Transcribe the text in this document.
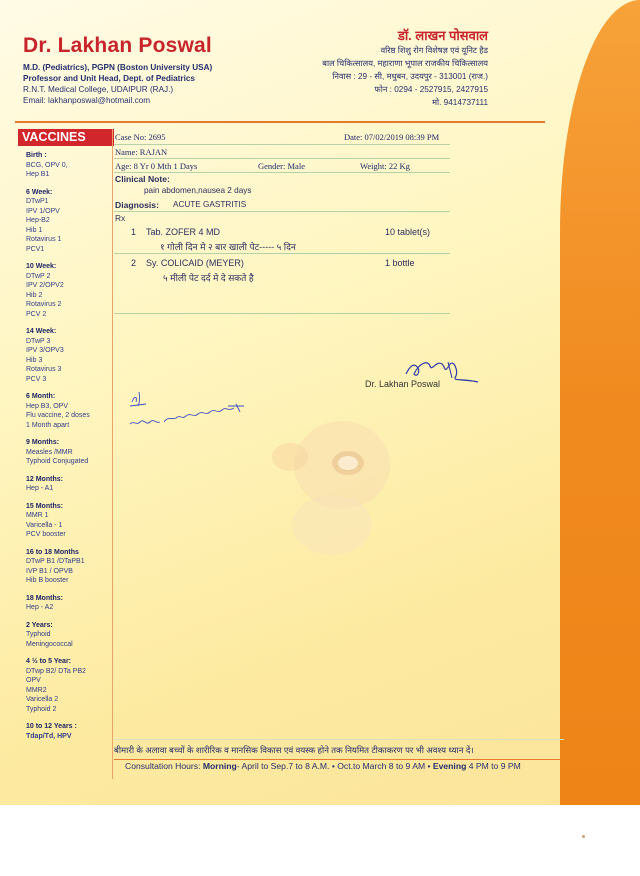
Dr. Lakhan Poswal
M.D. (Pediatrics), PGPN (Boston University USA)
Professor and Unit Head, Dept. of Pediatrics
R.N.T. Medical College, UDAIPUR (RAJ.)
Email: lakhanposwal@hotmail.com
डॉ. लाखन पोसवाल
वरिष्ठ शिशु रोग विशेषज्ञ एवं यूनिट हैड
बाल चिकित्सालय, महाराणा भूपाल राजकीय चिकित्सालय
निवास : 29 - सी, मधुबन, उदयपुर - 313001 (राज.)
फोन : 0294 - 2527915, 2427915
मो. 9414737111
VACCINES
Birth :
BCG, OPV 0,
Hep B1
6 Week:
DTwP1
IPV 1/OPV
Hep-B2
Hib 1
Rotavirus 1
PCV1
10 Week:
DTwP 2
IPV 2/OPV2
Hib 2
Rotavirus 2
PCV 2
14 Week:
DTwP 3
IPV 3/OPV3
Hib 3
Rotavirus 3
PCV 3
6 Month:
Hep B3, OPV
Flu vaccine, 2 doses
1 Month apart
9 Months:
Measles /MMR
Typhoid Conjugated
12 Months:
Hep - A1
15 Months:
MMR 1
Varicella - 1
PCV booster
16 to 18 Months
DTwP B1 /DTaPB1
IVP B1 / OPVB
Hib B booster
18 Months:
Hep - A2
2 Years:
Typhoid
Meningococcal
4 ½ to 5 Year:
DTwp B2/ DTa PB2
OPV
MMR2
Varicella 2
Typhoid 2
10 to 12 Years :
Tdap/Td, HPV
Case No: 2695	Date: 07/02/2019 08:39 PM
Name: RAJAN
Age: 8 Yr 0 Mth 1 Days	Gender: Male	Weight: 22 Kg
Clinical Note:
pain abdomen,nausea 2 days
Diagnosis: ACUTE GASTRITIS
Rx
1 Tab. ZOFER 4 MD	10 tablet(s)
१ गोली दिन मे २ बार खाली पेट----- ५ दिन
2 Sy. COLICAID (MEYER)	1 bottle
५ मीली पेट दर्द मे दे सकते है
Dr. Lakhan Poswal
बीमारी के अलावा बच्चों के शारीरिक व मानसिक विकास एवं वयस्क होने तक नियमित टीकाकरण पर भी अवश्य ध्यान दें।
Consultation Hours: Morning- April to Sep.7 to 8 A.M. • Oct.to March 8 to 9 AM • Evening 4 PM to 9 PM
